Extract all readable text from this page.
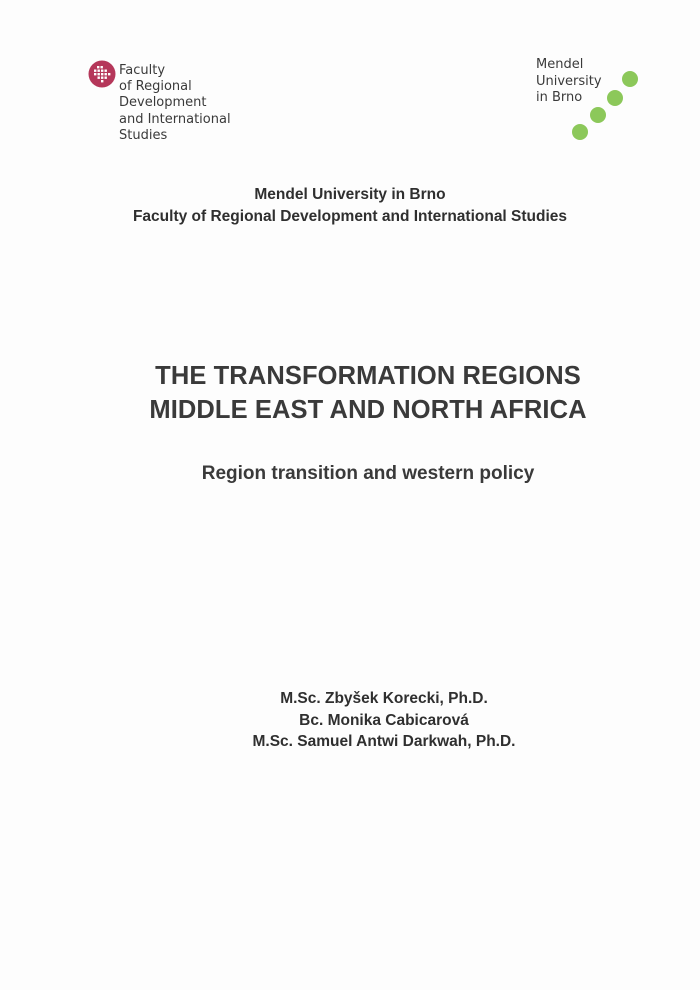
Faculty
of Regional
Development
and International
Studies
Mendel
University
in Brno
Mendel University in Brno
Faculty of Regional Development and International Studies
THE TRANSFORMATION REGIONS
MIDDLE EAST AND NORTH AFRICA
Region transition and western policy
M.Sc. Zbyšek Korecki, Ph.D.
Bc. Monika Cabicarová
M.Sc. Samuel Antwi Darkwah, Ph.D.
